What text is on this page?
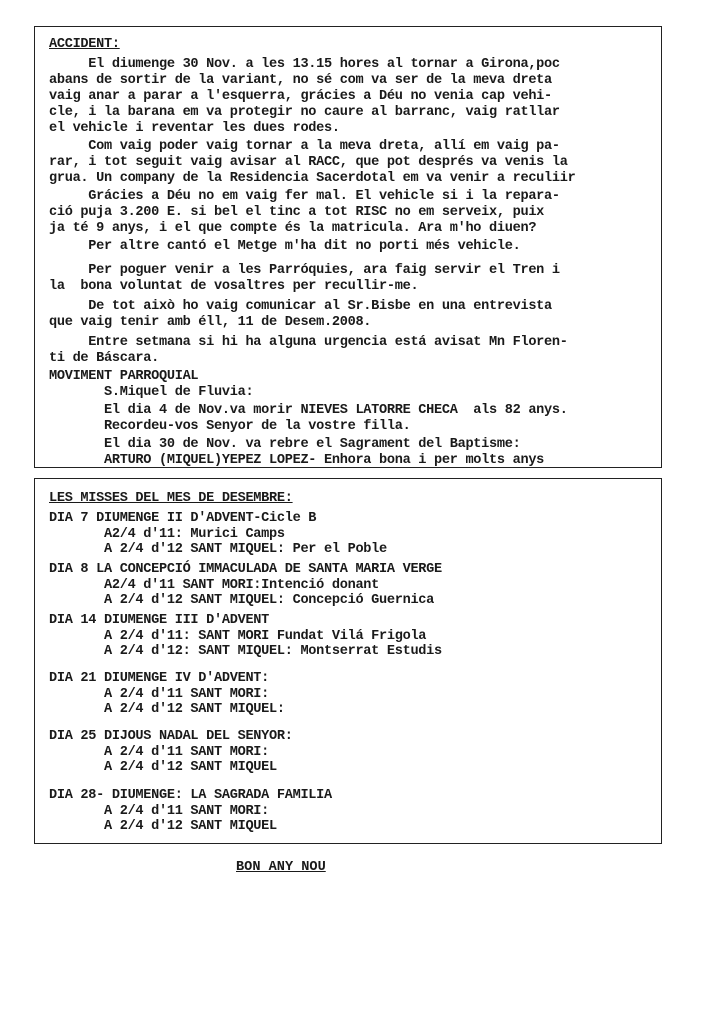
ACCIDENT:
El diumenge 30 Nov. a les 13.15 hores al tornar a Girona,poc
abans de sortir de la variant, no sé com va ser de la meva dreta
vaig anar a parar a l'esquerra, grácies a Déu no venia cap vehi-
cle, i la barana em va protegir no caure al barranc, vaig ratllar
el vehicle i reventar les dues rodes.
Com vaig poder vaig tornar a la meva dreta, allí em vaig pa-
rar, i tot seguit vaig avisar al RACC, que pot després va venis la
grua. Un company de la Residencia Sacerdotal em va venir a reculiir
Grácies a Déu no em vaig fer mal. El vehicle si i la repara-
ció puja 3.200 E. si bel el tinc a tot RISC no em serveix, puix
ja té 9 anys, i el que compte és la matricula. Ara m'ho diuen?
Per altre cantó el Metge m'ha dit no porti més vehicle.
Per poguer venir a les Parróquies, ara faig servir el Tren i
la  bona voluntat de vosaltres per recullir-me.
De tot això ho vaig comunicar al Sr.Bisbe en una entrevista
que vaig tenir amb éll, 11 de Desem.2008.
Entre setmana si hi ha alguna urgencia está avisat Mn Floren-
ti de Báscara.
MOVIMENT PARROQUIAL
S.Miquel de Fluvia:
El dia 4 de Nov.va morir NIEVES LATORRE CHECA  als 82 anys.
Recordeu-vos Senyor de la vostre filla.
El dia 30 de Nov. va rebre el Sagrament del Baptisme:
ARTURO (MIQUEL)YEPEZ LOPEZ- Enhora bona i per molts anys
LES MISSES DEL MES DE DESEMBRE:
DIA 7 DIUMENGE II D'ADVENT-Cicle B
A2/4 d'11: Murici Camps
A 2/4 d'12 SANT MIQUEL: Per el Poble
DIA 8 LA CONCEPCIÓ IMMACULADA DE SANTA MARIA VERGE
A2/4 d'11 SANT MORI:Intenció donant
A 2/4 d'12 SANT MIQUEL: Concepció Guernica
DIA 14 DIUMENGE III D'ADVENT
A 2/4 d'11: SANT MORI Fundat Vilá Frigola
A 2/4 d'12: SANT MIQUEL: Montserrat Estudis
DIA 21 DIUMENGE IV D'ADVENT:
A 2/4 d'11 SANT MORI:
A 2/4 d'12 SANT MIQUEL:
DIA 25 DIJOUS NADAL DEL SENYOR:
A 2/4 d'11 SANT MORI:
A 2/4 d'12 SANT MIQUEL
DIA 28- DIUMENGE: LA SAGRADA FAMILIA
A 2/4 d'11 SANT MORI:
A 2/4 d'12 SANT MIQUEL
BON ANY NOU
